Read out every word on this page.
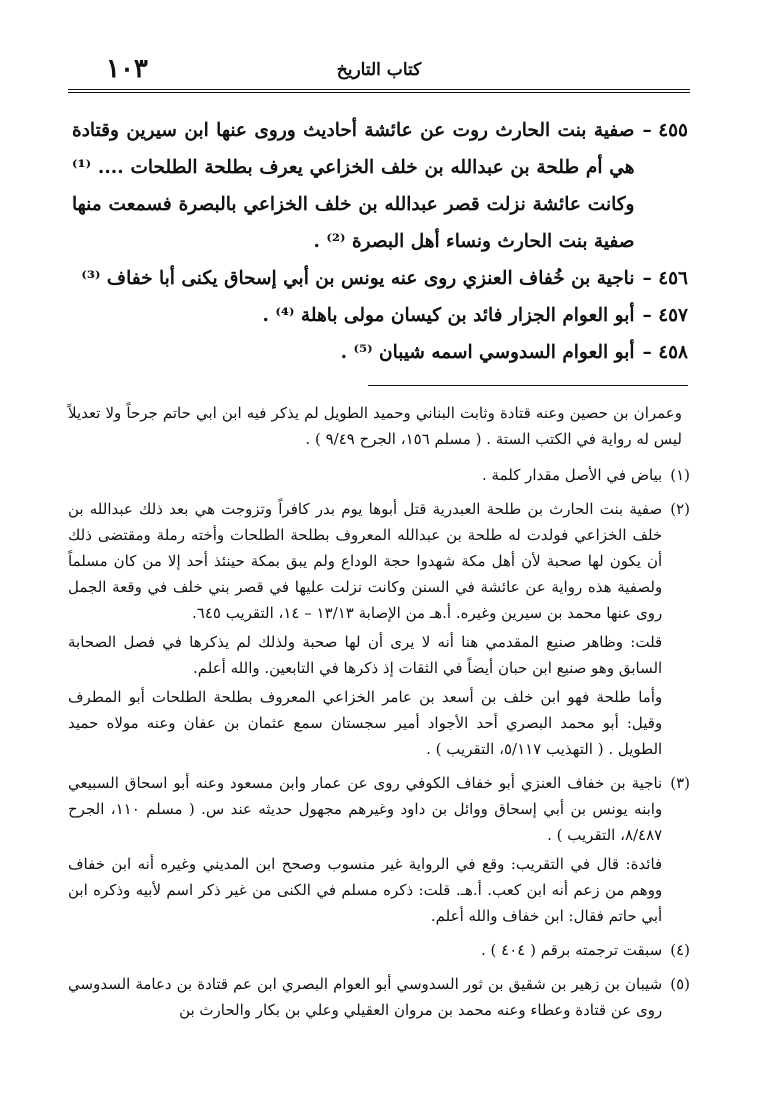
١٠٣	كتاب التاريخ
٤٥٥ –
صفية بنت الحارث روت عن عائشة أحاديث وروى عنها ابن سيرين وقتادة هي أم طلحة بن عبدالله بن خلف الخزاعي يعرف بطلحة الطلحات .... ⁽¹⁾ وكانت عائشة نزلت قصر عبدالله بن خلف الخزاعي بالبصرة فسمعت منها صفية بنت الحارث ونساء أهل البصرة ⁽²⁾ .
٤٥٦ –
ناجية بن خُفاف العنزي روى عنه يونس بن أبي إسحاق يكنى أبا خفاف ⁽³⁾
٤٥٧ –
أبو العوام الجزار فائد بن كيسان مولى باهلة ⁽⁴⁾ .
٤٥٨ –
أبو العوام السدوسي اسمه شيبان ⁽⁵⁾ .
وعمران بن حصين وعنه قتادة وثابت البناني وحميد الطويل لم يذكر فيه ابن ابي حاتم جرحاً ولا تعديلاً ليس له رواية في الكتب الستة . ( مسلم ١٥٦، الجرح ٩/٤٩ ) .
(١)

بياض في الأصل مقدار كلمة .

(٢)

صفية بنت الحارث بن طلحة العبدرية قتل أبوها يوم بدر كافراً وتزوجت هي بعد ذلك عبدالله بن خلف الخزاعي فولدت له طلحة بن عبدالله المعروف بطلحة الطلحات وأخته رملة ومقتضى ذلك أن يكون لها صحبة لأن أهل مكة شهدوا حجة الوداع ولم يبق بمكة حينئذ أحد إلا من كان مسلماً ولصفية هذه رواية عن عائشة في السنن وكانت نزلت عليها في قصر بني خلف في وقعة الجمل روى عنها محمد بن سيرين وغيره. أ.هـ من الإصابة ١٣/١٣ – ١٤، التقريب ٦٤٥.

قلت: وظاهر صنيع المقدمي هنا أنه لا يرى أن لها صحبة ولذلك لم يذكرها في فصل الصحابة السابق وهو صنيع ابن حبان أيضاً في الثقات إذ ذكرها في التابعين. والله أعلم.

وأما طلحة فهو ابن خلف بن أسعد بن عامر الخزاعي المعروف بطلحة الطلحات أبو المطرف وقيل: أبو محمد البصري أحد الأجواد أمير سجستان سمع عثمان بن عفان وعنه مولاه حميد الطويل . ( التهذيب ٥/١١٧، التقريب ) .

(٣)

ناجية بن خفاف العنزي أبو خفاف الكوفي روى عن عمار وابن مسعود وعنه أبو اسحاق السبيعي وابنه يونس بن أبي إسحاق ووائل بن داود وغيرهم مجهول حديثه عند س. ( مسلم ١١٠، الجرح ٨/٤٨٧، التقريب ) .

فائدة: قال في التقريب: وقع في الرواية غير منسوب وصحح ابن المديني وغيره أنه ابن خفاف ووهم من زعم أنه ابن كعب. أ.هـ. قلت: ذكره مسلم في الكنى من غير ذكر اسم لأبيه وذكره ابن أبي حاتم فقال: ابن خفاف والله أعلم.

(٤)

سبقت ترجمته برقم ( ٤٠٤ ) .

(٥)

شيبان بن زهير بن شقيق بن ثور السدوسي أبو العوام البصري ابن عم قتادة بن دعامة السدوسي روى عن قتادة وعطاء وعنه محمد بن مروان العقيلي وعلي بن بكار والحارث بن
